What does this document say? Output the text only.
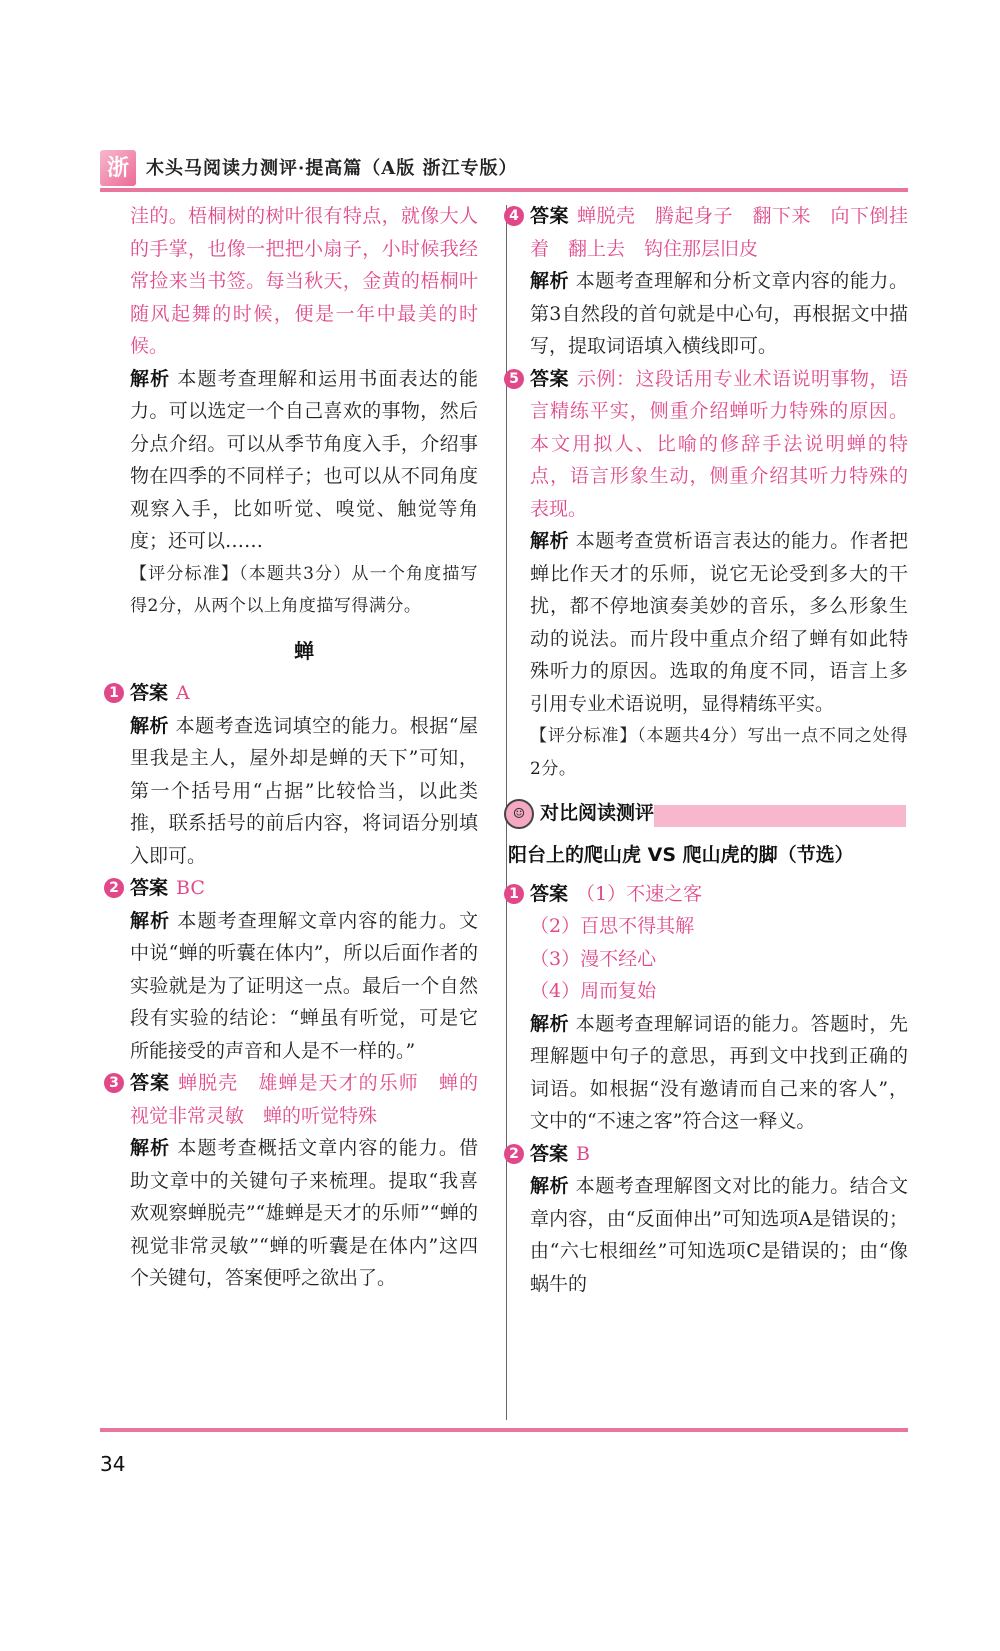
浙 木头马阅读力测评·提高篇（A版 浙江专版）

洼的。梧桐树的树叶很有特点，就像大人的手掌，也像一把把小扇子，小时候我经常捡来当书签。每当秋天，金黄的梧桐叶随风起舞的时候，便是一年中最美的时候。

解析 本题考查理解和运用书面表达的能力。可以选定一个自己喜欢的事物，然后分点介绍。可以从季节角度入手，介绍事物在四季的不同样子；也可以从不同角度观察入手，比如听觉、嗅觉、触觉等角度；还可以……

【评分标准】（本题共3分）从一个角度描写得2分，从两个以上角度描写得满分。

蝉

1 答案 A

解析 本题考查选词填空的能力。根据“屋里我是主人，屋外却是蝉的天下”可知，第一个括号用“占据”比较恰当，以此类推，联系括号的前后内容，将词语分别填入即可。

2 答案 BC

解析 本题考查理解文章内容的能力。文中说“蝉的听囊在体内”，所以后面作者的实验就是为了证明这一点。最后一个自然段有实验的结论：“蝉虽有听觉，可是它所能接受的声音和人是不一样的。”

3 答案 蝉脱壳　雄蝉是天才的乐师　蝉的视觉非常灵敏　蝉的听觉特殊

解析 本题考查概括文章内容的能力。借助文章中的关键句子来梳理。提取“我喜欢观察蝉脱壳”“雄蝉是天才的乐师”“蝉的视觉非常灵敏”“蝉的听囊是在体内”这四个关键句，答案便呼之欲出了。

4 答案 蝉脱壳　腾起身子　翻下来　向下倒挂着　翻上去　钩住那层旧皮

解析 本题考查理解和分析文章内容的能力。第3自然段的首句就是中心句，再根据文中描写，提取词语填入横线即可。

5 答案 示例：这段话用专业术语说明事物，语言精练平实，侧重介绍蝉听力特殊的原因。本文用拟人、比喻的修辞手法说明蝉的特点，语言形象生动，侧重介绍其听力特殊的表现。

解析 本题考查赏析语言表达的能力。作者把蝉比作天才的乐师，说它无论受到多大的干扰，都不停地演奏美妙的音乐，多么形象生动的说法。而片段中重点介绍了蝉有如此特殊听力的原因。选取的角度不同，语言上多引用专业术语说明，显得精练平实。

【评分标准】（本题共4分）写出一点不同之处得2分。

☺ 对比阅读测评
阳台上的爬山虎 VS 爬山虎的脚（节选）

1 答案 （1）不速之客

（2）百思不得其解

（3）漫不经心

（4）周而复始

解析 本题考查理解词语的能力。答题时，先理解题中句子的意思，再到文中找到正确的词语。如根据“没有邀请而自己来的客人”，文中的“不速之客”符合这一释义。

2 答案 B

解析 本题考查理解图文对比的能力。结合文章内容，由“反面伸出”可知选项A是错误的；由“六七根细丝”可知选项C是错误的；由“像蜗牛的

34
